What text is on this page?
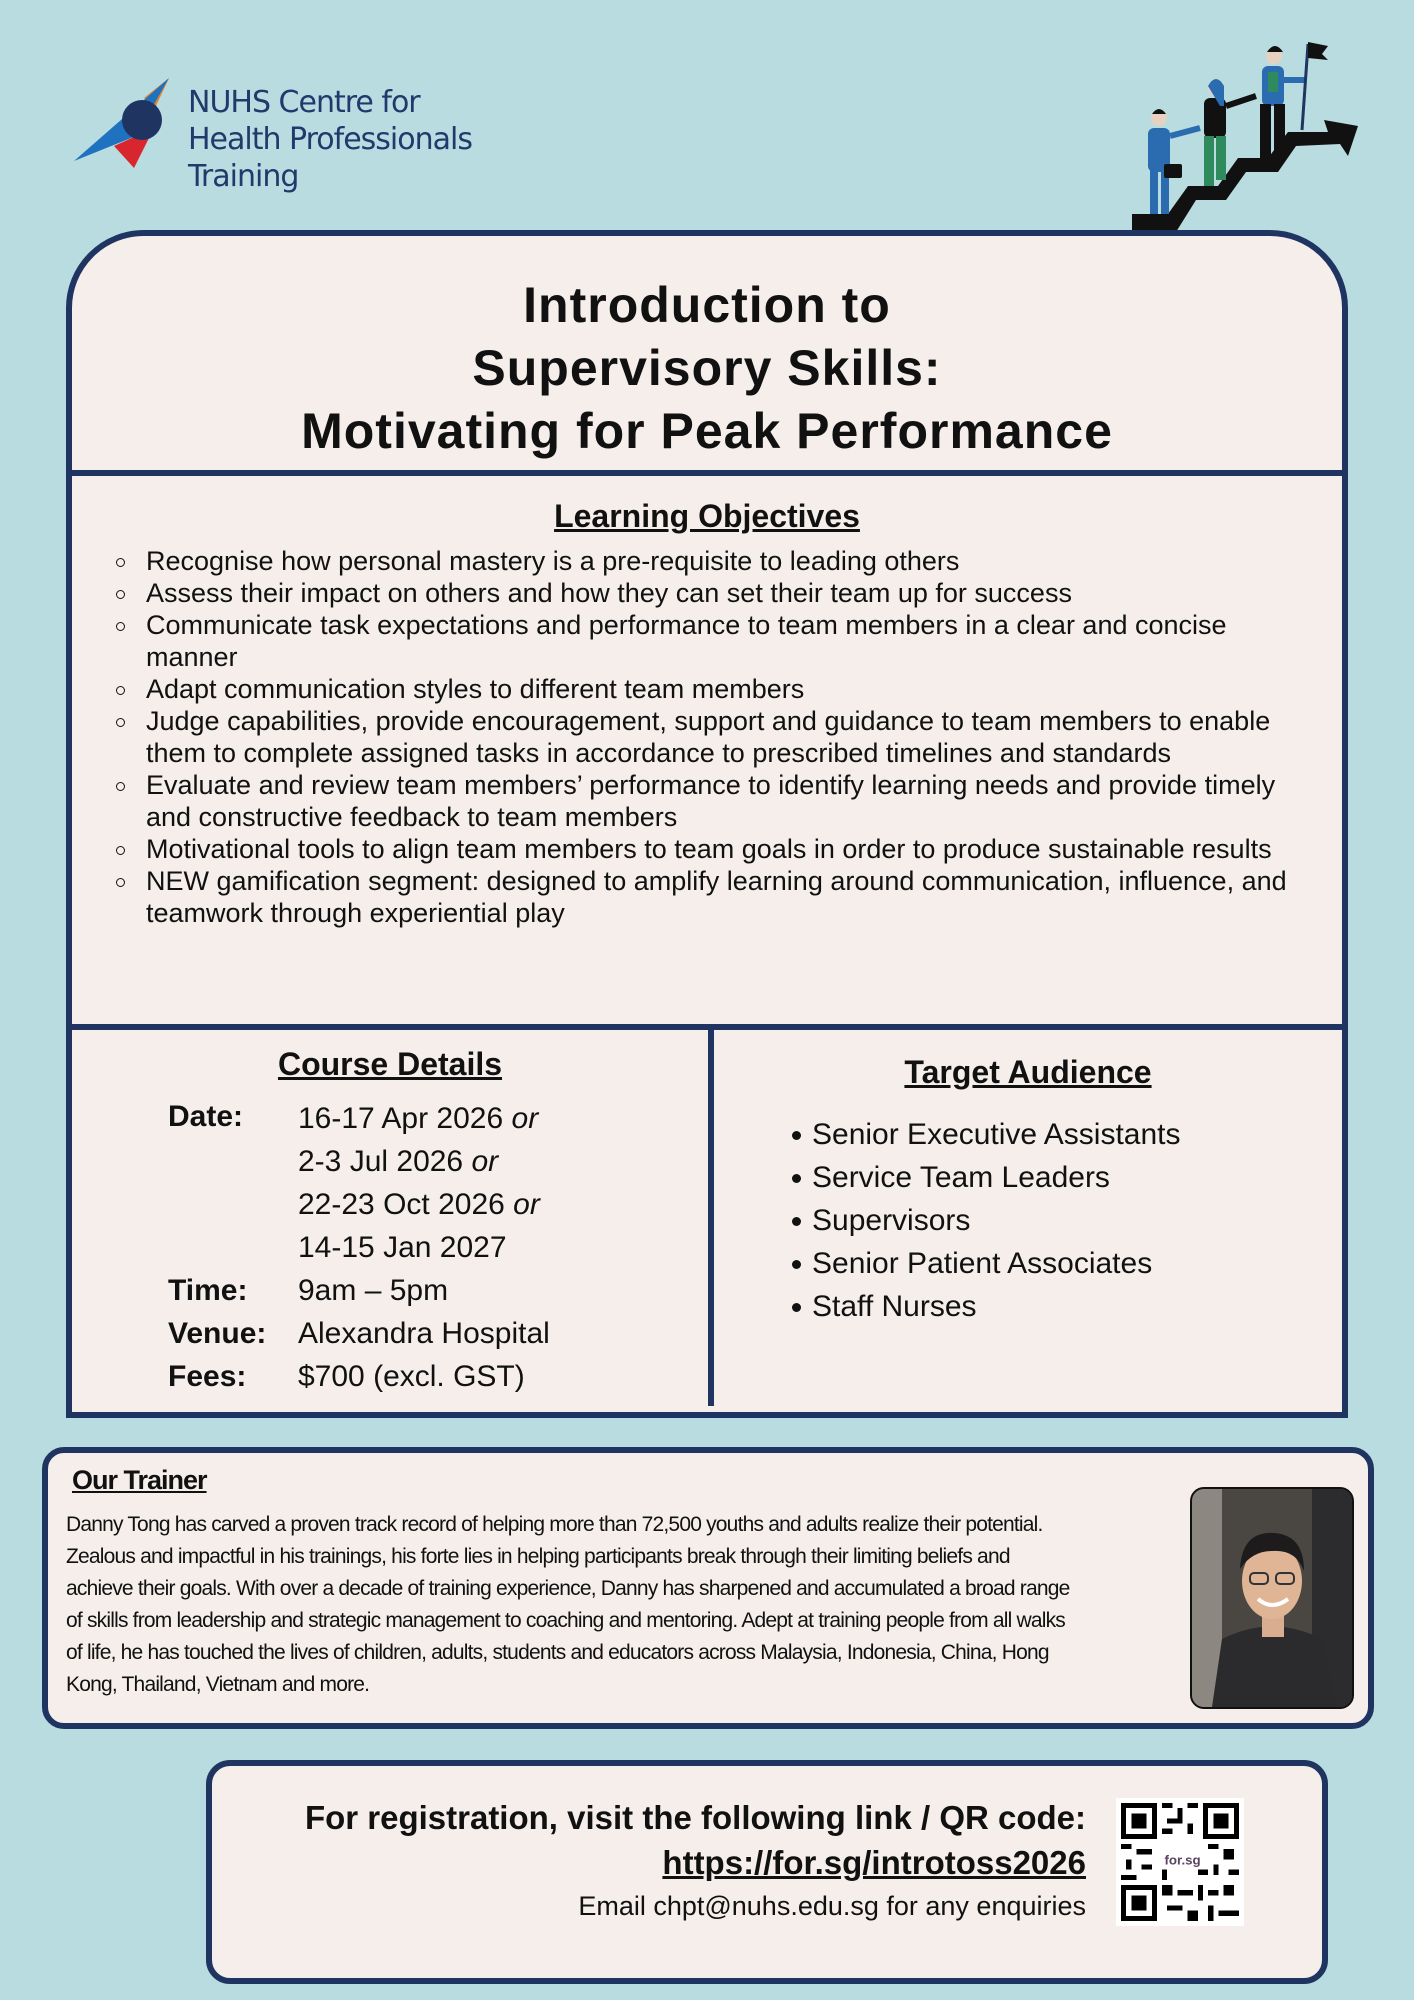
NUHS Centre for
Health Professionals
Training
Introduction to
Supervisory Skills:
Motivating for Peak Performance
Learning Objectives
Recognise how personal mastery is a pre-requisite to leading others
Assess their impact on others and how they can set their team up for success
Communicate task expectations and performance to team members in a clear and concise manner
Adapt communication styles to different team members
Judge capabilities, provide encouragement, support and guidance to team members to enable them to complete assigned tasks in accordance to prescribed timelines and standards
Evaluate and review team members’ performance to identify learning needs and provide timely and constructive feedback to team members
Motivational tools to align team members to team goals in order to produce sustainable results
NEW gamification segment: designed to amplify learning around communication, influence, and teamwork through experiential play
Course Details
Date: 16-17 Apr 2026 or
2-3 Jul 2026 or
22-23 Oct 2026 or
14-15 Jan 2027
Time: 9am – 5pm
Venue: Alexandra Hospital
Fees: $700 (excl. GST)
Target Audience
Senior Executive Assistants
Service Team Leaders
Supervisors
Senior Patient Associates
Staff Nurses
Our Trainer
Danny Tong has carved a proven track record of helping more than 72,500 youths and adults realize their potential.
Zealous and impactful in his trainings, his forte lies in helping participants break through their limiting beliefs and
achieve their goals. With over a decade of training experience, Danny has sharpened and accumulated a broad range
of skills from leadership and strategic management to coaching and mentoring. Adept at training people from all walks
of life, he has touched the lives of children, adults, students and educators across Malaysia, Indonesia, China, Hong
Kong, Thailand, Vietnam and more.
For registration, visit the following link / QR code:
https://for.sg/introtoss2026
Email chpt@nuhs.edu.sg for any enquiries
for.sg
